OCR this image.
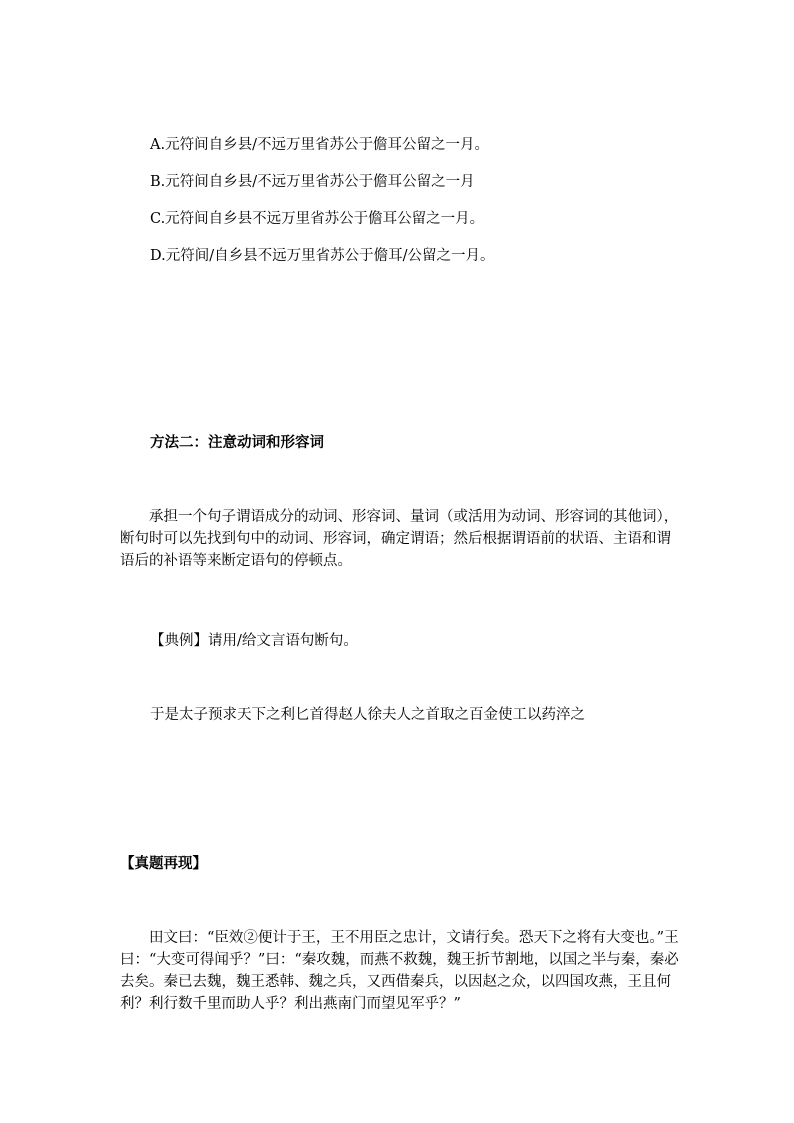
A.元符间自乡县/不远万里省苏公于儋耳公留之一月。
B.元符间自乡县/不远万里省苏公于儋耳公留之一月
C.元符间自乡县不远万里省苏公于儋耳公留之一月。
D.元符间/自乡县不远万里省苏公于儋耳/公留之一月。
方法二：注意动词和形容词
承担一个句子谓语成分的动词、形容词、量词（或活用为动词、形容词的其他词），断句时可以先找到句中的动词、形容词，确定谓语；然后根据谓语前的状语、主语和谓语后的补语等来断定语句的停顿点。
【典例】请用/给文言语句断句。
于是太子预求天下之利匕首得赵人徐夫人之首取之百金使工以药淬之
【真题再现】
田文曰：“臣效②便计于王，王不用臣之忠计，文请行矣。恐天下之将有大变也。”王曰：“大变可得闻乎？”曰：“秦攻魏，而燕不救魏，魏王折节割地，以国之半与秦，秦必去矣。秦已去魏，魏王悉韩、魏之兵，又西借秦兵，以因赵之众，以四国攻燕，王且何利？利行数千里而助人乎？利出燕南门而望见军乎？”
